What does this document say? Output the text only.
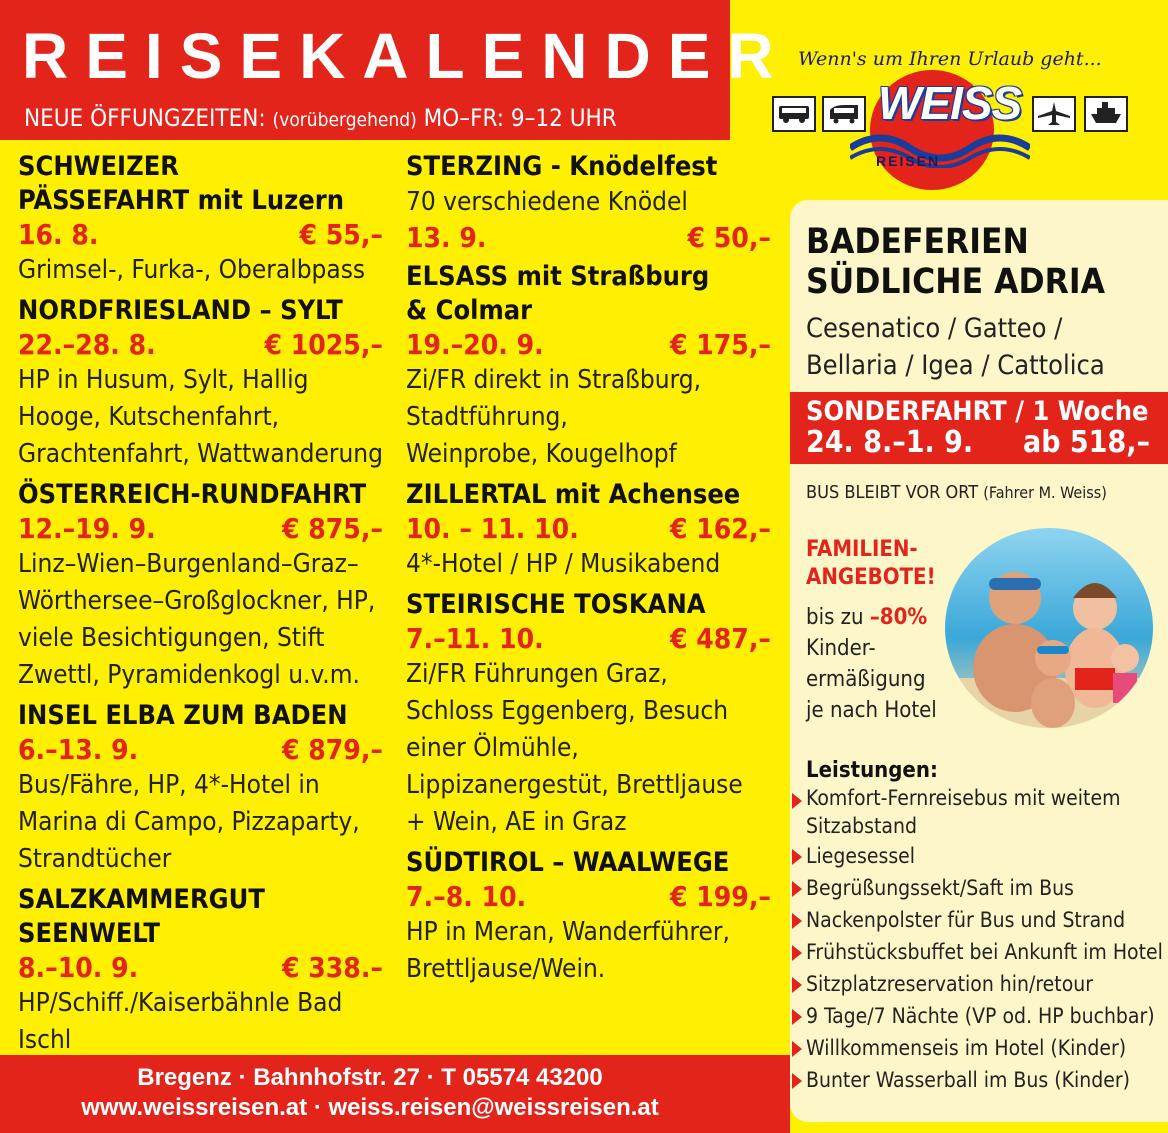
REISEKALENDER
NEUE ÖFFUNGZEITEN: (vorübergehend) MO–FR: 9–12 UHR
Wenn's um Ihren Urlaub geht...
WEISS
REISEN
SCHWEIZER PÄSSEFAHRT mit Luzern
16. 8.	€ 55,–
Grimsel-, Furka-, Oberalbpass
NORDFRIESLAND – SYLT
22.–28. 8.	€ 1025,–
HP in Husum, Sylt, Hallig Hooge, Kutschenfahrt, Grachtenfahrt, Wattwanderung
ÖSTERREICH-RUNDFAHRT
12.–19. 9.	€ 875,–
Linz–Wien–Burgenland–Graz–Wörthersee–Großglockner, HP, viele Besichtigungen, Stift Zwettl, Pyramidenkogl u.v.m.
INSEL ELBA ZUM BADEN
6.–13. 9.	€ 879,–
Bus/Fähre, HP, 4*-Hotel in Marina di Campo, Pizzaparty, Strandtücher
SALZKAMMERGUT SEENWELT
8.–10. 9.	€ 338.–
HP/Schiff./Kaiserbähnle Bad Ischl
STERZING - Knödelfest
70 verschiedene Knödel
13. 9.	€ 50,–
ELSASS mit Straßburg & Colmar
19.–20. 9.	€ 175,–
Zi/FR direkt in Straßburg, Stadtführung, Weinprobe, Kougelhopf
ZILLERTAL mit Achensee
10. – 11. 10.	€ 162,–
4*-Hotel / HP / Musikabend
STEIRISCHE TOSKANA
7.–11. 10.	€ 487,–
Zi/FR Führungen Graz, Schloss Eggenberg, Besuch einer Ölmühle, Lippizanergestüt, Brettljause + Wein, AE in Graz
SÜDTIROL – WAALWEGE
7.–8. 10.	€ 199,–
HP in Meran, Wanderführer, Brettljause/Wein.
Bregenz · Bahnhofstr. 27 · T 05574 43200
www.weissreisen.at · weiss.reisen@weissreisen.at
BADEFERIEN
SÜDLICHE ADRIA
Cesenatico / Gatteo /
Bellaria / Igea / Cattolica
SONDERFAHRT / 1 Woche
24. 8.–1. 9. ab 518,–
BUS BLEIBT VOR ORT (Fahrer M. Weiss)
FAMILIEN-
ANGEBOTE!
bis zu –80%
Kinder-
ermäßigung
je nach Hotel
Leistungen:
Komfort-Fernreisebus mit weitem Sitzabstand
Liegesessel
Begrüßungssekt/Saft im Bus
Nackenpolster für Bus und Strand
Frühstücksbuffet bei Ankunft im Hotel
Sitzplatzreservation hin/retour
9 Tage/7 Nächte (VP od. HP buchbar)
Willkommenseis im Hotel (Kinder)
Bunter Wasserball im Bus (Kinder)
